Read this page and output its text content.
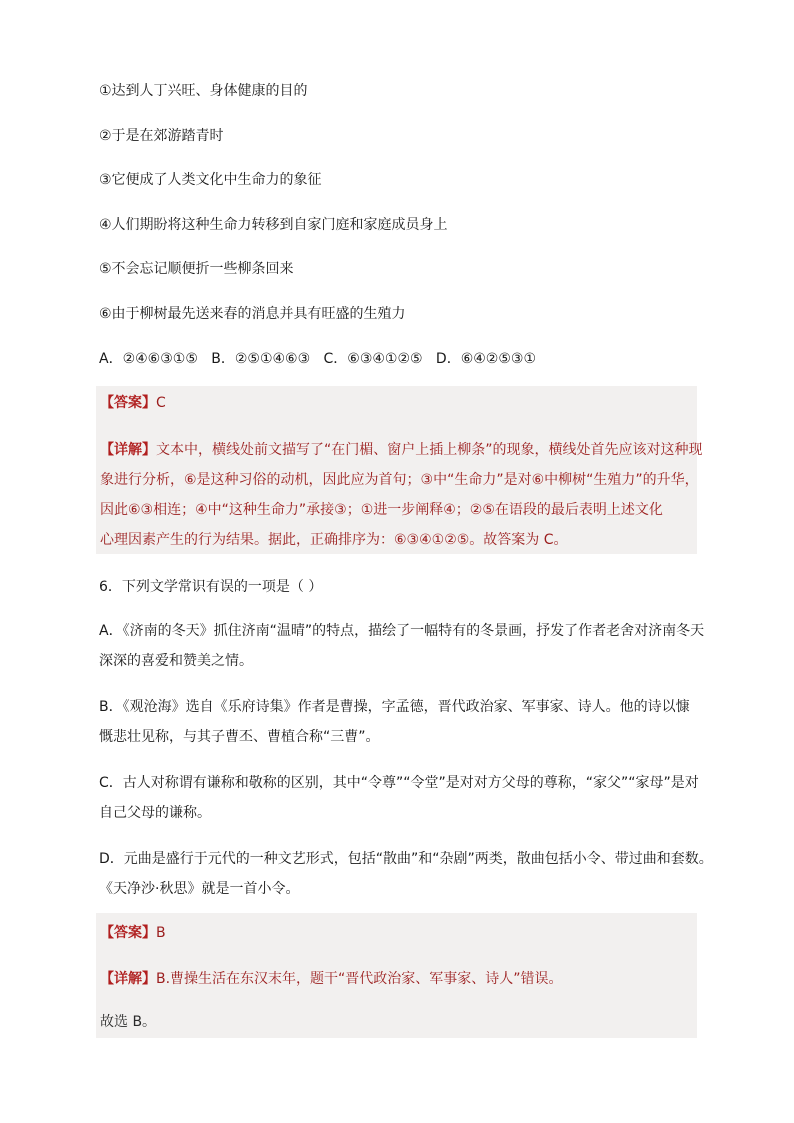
①达到人丁兴旺、身体健康的目的

②于是在郊游踏青时

③它便成了人类文化中生命力的象征

④人们期盼将这种生命力转移到自家门庭和家庭成员身上

⑤不会忘记顺便折一些柳条回来

⑥由于柳树最先送来春的消息并具有旺盛的生殖力

A．②④⑥③①⑤   B．②⑤①④⑥③   C．⑥③④①②⑤   D．⑥④②⑤③①

【答案】C
【详解】文本中，横线处前文描写了“在门楣、窗户上插上柳条”的现象，横线处首先应该对这种现
象进行分析，⑥是这种习俗的动机，因此应为首句；③中“生命力”是对⑥中柳树“生殖力”的升华，
因此⑥③相连；④中“这种生命力”承接③；①进一步阐释④；②⑤在语段的最后表明上述文化
心理因素产生的行为结果。据此，正确排序为：⑥③④①②⑤。故答案为 C。

6．下列文学常识有误的一项是（ ）

A．《济南的冬天》抓住济南“温晴”的特点，描绘了一幅特有的冬景画，抒发了作者老舍对济南冬天

深深的喜爱和赞美之情。

B．《观沧海》选自《乐府诗集》作者是曹操，字孟德，晋代政治家、军事家、诗人。他的诗以慷

慨悲壮见称，与其子曹丕、曹植合称“三曹”。

C．古人对称谓有谦称和敬称的区别，其中“令尊”“令堂”是对对方父母的尊称，“家父”“家母”是对

自己父母的谦称。

D．元曲是盛行于元代的一种文艺形式，包括“散曲”和“杂剧”两类，散曲包括小令、带过曲和套数。

《天净沙·秋思》就是一首小令。

【答案】B
【详解】B.曹操生活在东汉末年，题干“晋代政治家、军事家、诗人”错误。
故选 B。
